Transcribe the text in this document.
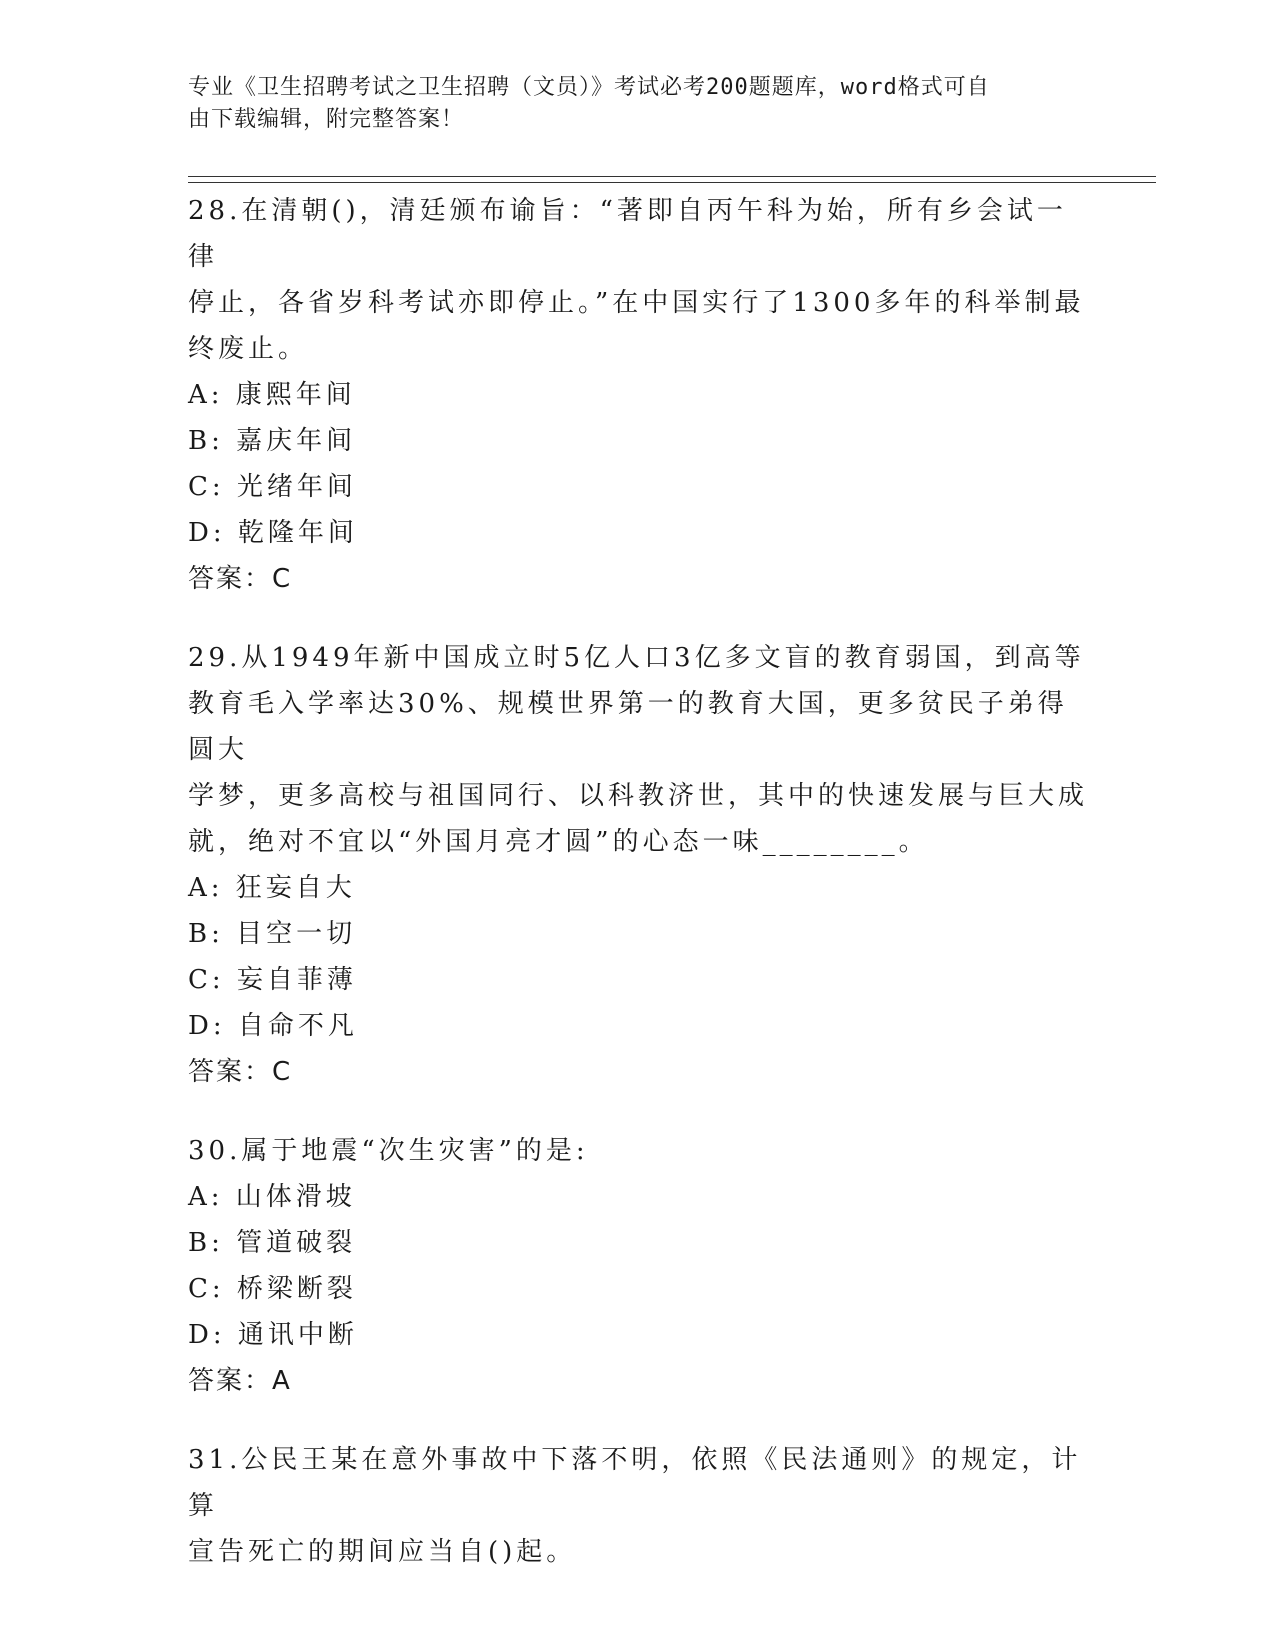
专业《卫生招聘考试之卫生招聘（文员）》考试必考200题题库，word格式可自
由下载编辑，附完整答案！
28.在清朝()，清廷颁布谕旨：“著即自丙午科为始，所有乡会试一律
停止，各省岁科考试亦即停止。”在中国实行了1300多年的科举制最
终废止。
A: 康熙年间
B: 嘉庆年间
C: 光绪年间
D: 乾隆年间
答案：C
29.从1949年新中国成立时5亿人口3亿多文盲的教育弱国，到高等
教育毛入学率达30%、规模世界第一的教育大国，更多贫民子弟得圆大
学梦，更多高校与祖国同行、以科教济世，其中的快速发展与巨大成
就，绝对不宜以“外国月亮才圆”的心态一味________。
A: 狂妄自大
B: 目空一切
C: 妄自菲薄
D: 自命不凡
答案：C
30.属于地震“次生灾害”的是:
A: 山体滑坡
B: 管道破裂
C: 桥梁断裂
D: 通讯中断
答案：A
31.公民王某在意外事故中下落不明，依照《民法通则》的规定，计算
宣告死亡的期间应当自()起。
